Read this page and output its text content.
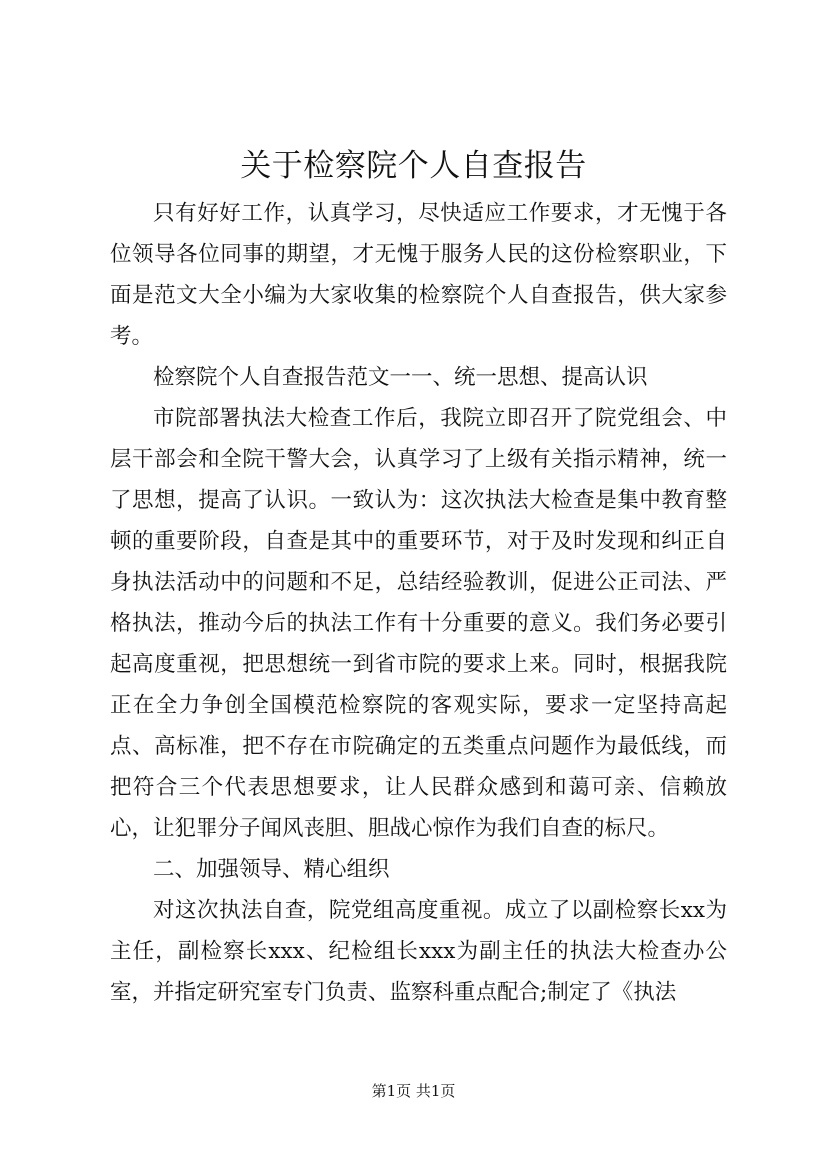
关于检察院个人自查报告

只有好好工作，认真学习，尽快适应工作要求，才无愧于各位领导各位同事的期望，才无愧于服务人民的这份检察职业，下面是范文大全小编为大家收集的检察院个人自查报告，供大家参考。

检察院个人自查报告范文一一、统一思想、提高认识

市院部署执法大检查工作后，我院立即召开了院党组会、中层干部会和全院干警大会，认真学习了上级有关指示精神，统一了思想，提高了认识。一致认为：这次执法大检查是集中教育整顿的重要阶段，自查是其中的重要环节，对于及时发现和纠正自身执法活动中的问题和不足，总结经验教训，促进公正司法、严格执法，推动今后的执法工作有十分重要的意义。我们务必要引起高度重视，把思想统一到省市院的要求上来。同时，根据我院正在全力争创全国模范检察院的客观实际，要求一定坚持高起点、高标准，把不存在市院确定的五类重点问题作为最低线，而把符合三个代表思想要求，让人民群众感到和蔼可亲、信赖放心，让犯罪分子闻风丧胆、胆战心惊作为我们自查的标尺。

二、加强领导、精心组织

对这次执法自查，院党组高度重视。成立了以副检察长xx为主任，副检察长xxx、纪检组长xxx为副主任的执法大检查办公室，并指定研究室专门负责、监察科重点配合;制定了《执法

第1页 共1页
